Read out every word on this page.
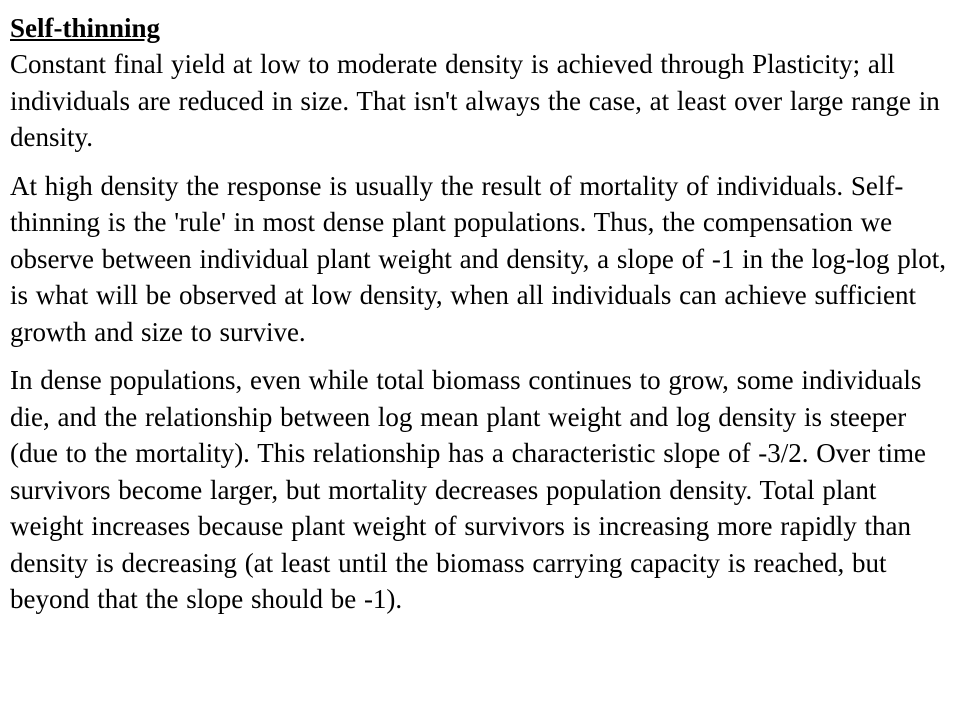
Self-thinning

Constant final yield at low to moderate density is achieved through Plasticity; all individuals are reduced in size. That isn't always the case, at least over large range in density.

At high density the response is usually the result of mortality of individuals. Self-thinning is the 'rule' in most dense plant populations. Thus, the compensation we observe between individual plant weight and density, a slope of -1 in the log-log plot, is what will be observed at low density, when all individuals can achieve sufficient growth and size to survive.

In dense populations, even while total biomass continues to grow, some individuals die, and the relationship between log mean plant weight and log density is steeper (due to the mortality). This relationship has a characteristic slope of -3/2. Over time survivors become larger, but mortality decreases population density. Total plant weight increases because plant weight of survivors is increasing more rapidly than density is decreasing (at least until the biomass carrying capacity is reached, but beyond that the slope should be -1).
